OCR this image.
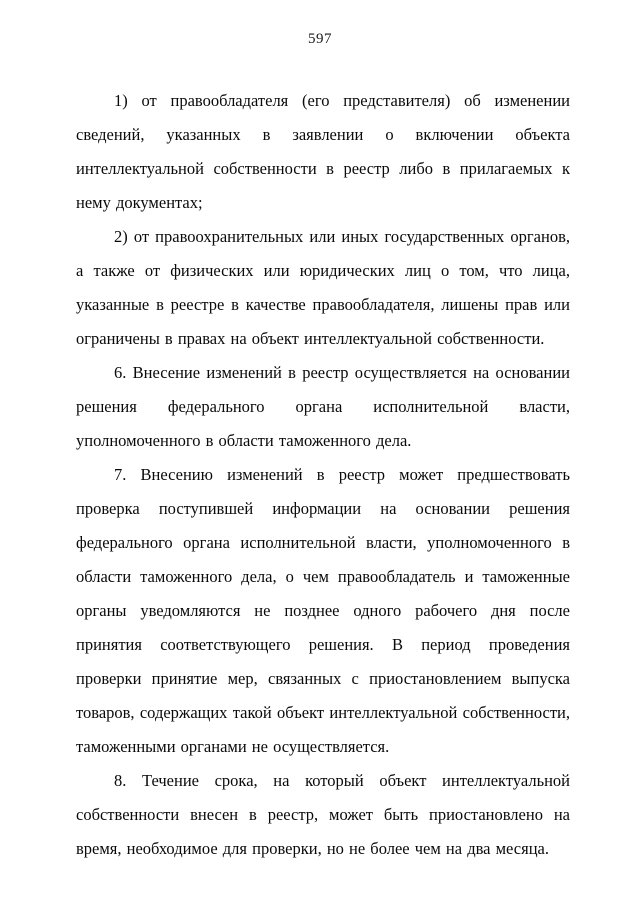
597

1) от правообладателя (его представителя) об изменении сведений, указанных в заявлении о включении объекта интеллектуальной собственности в реестр либо в прилагаемых к нему документах;

2) от правоохранительных или иных государственных органов, а также от физических или юридических лиц о том, что лица, указанные в реестре в качестве правообладателя, лишены прав или ограничены в правах на объект интеллектуальной собственности.

6. Внесение изменений в реестр осуществляется на основании решения федерального органа исполнительной власти, уполномоченного в области таможенного дела.

7. Внесению изменений в реестр может предшествовать проверка поступившей информации на основании решения федерального органа исполнительной власти, уполномоченного в области таможенного дела, о чем правообладатель и таможенные органы уведомляются не позднее одного рабочего дня после принятия соответствующего решения. В период проведения проверки принятие мер, связанных с приостановлением выпуска товаров, содержащих такой объект интеллектуальной собственности, таможенными органами не осуществляется.

8. Течение срока, на который объект интеллектуальной собственности внесен в реестр, может быть приостановлено на время, необходимое для проверки, но не более чем на два месяца.
